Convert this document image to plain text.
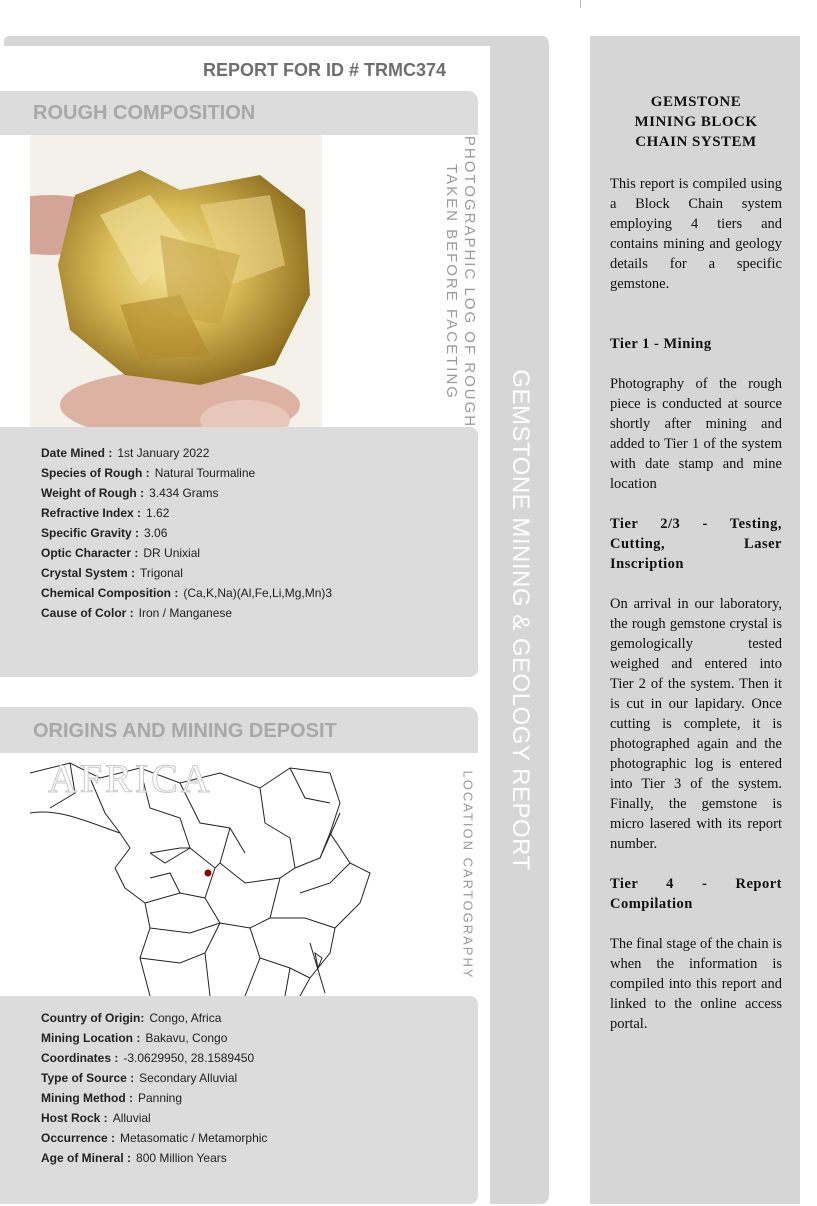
REPORT FOR ID # TRMC374
GEMSTONE MINING & GEOLOGY REPORT
ROUGH COMPOSITION
PHOTOGRAPHIC LOG OF ROUGH
TAKEN BEFORE FACETING
Date Mined : 1st January 2022
Species of Rough : Natural Tourmaline
Weight of Rough : 3.434 Grams
Refractive Index : 1.62
Specific Gravity : 3.06
Optic Character : DR Unixial
Crystal System : Trigonal
Chemical Composition : (Ca,K,Na)(Al,Fe,Li,Mg,Mn)3
Cause of Color : Iron / Manganese
ORIGINS AND MINING DEPOSIT
AFRICA	LOCATION CARTOGRAPHY
Country of Origin: Congo, Africa
Mining Location : Bakavu, Congo
Coordinates : -3.0629950, 28.1589450
Type of Source : Secondary Alluvial
Mining Method : Panning
Host Rock : Alluvial
Occurrence : Metasomatic / Metamorphic
Age of Mineral : 800 Million Years
GEMSTONE
MINING BLOCK
CHAIN SYSTEM

This report is compiled using a Block Chain system employing 4 tiers and contains mining and geology details for a specific gemstone.

Tier 1 - Mining

Photography of the rough piece is conducted at source shortly after mining and added to Tier 1 of the system with date stamp and mine location

Tier 2/3 - Testing, Cutting, Laser Inscription

On arrival in our laboratory, the rough gemstone crystal is gemologically tested weighed and entered into Tier 2 of the system. Then it is cut in our lapidary. Once cutting is complete, it is photographed again and the photographic log is entered into Tier 3 of the system. Finally, the gemstone is micro lasered with its report number.

Tier 4 - Report Compilation

The final stage of the chain is when the information is compiled into this report and linked to the online access portal.
